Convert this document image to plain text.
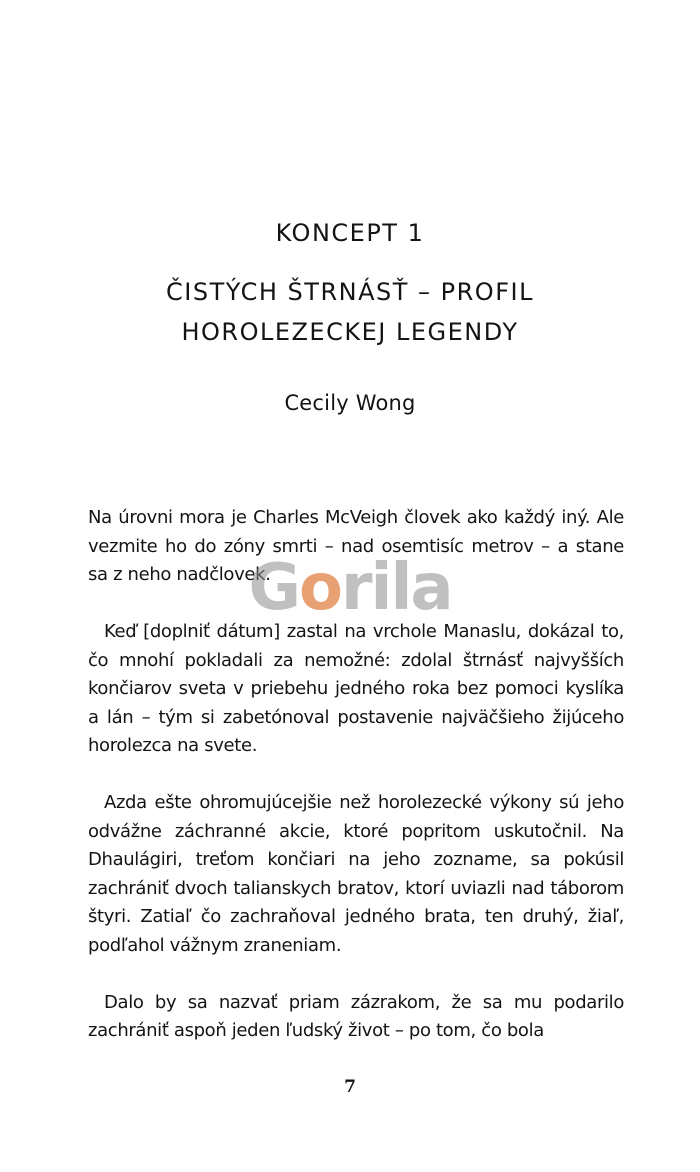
KONCEPT 1
ČISTÝCH ŠTRNÁSŤ – PROFIL
HOROLEZECKEJ LEGENDY
Cecily Wong

Na úrovni mora je Charles McVeigh človek ako každý iný. Ale vezmite ho do zóny smrti – nad osemtisíc metrov – a stane sa z neho nadčlovek.

Keď [doplniť dátum] zastal na vrchole Manaslu, dokázal to, čo mnohí pokladali za nemožné: zdolal štrnásť najvyšších končiarov sveta v priebehu jedného roka bez pomoci kyslíka a lán – tým si zabetónoval postavenie najväčšieho žijúceho horolezca na svete.

Azda ešte ohromujúcejšie než horolezecké výkony sú jeho odvážne záchranné akcie, ktoré popritom uskutočnil. Na Dhaulágiri, treťom končiari na jeho zozname, sa pokúsil zachrániť dvoch talianskych bratov, ktorí uviazli nad táborom štyri. Zatiaľ čo zachraňoval jedného brata, ten druhý, žiaľ, podľahol vážnym zraneniam.

Dalo by sa nazvať priam zázrakom, že sa mu podarilo zachrániť aspoň jeden ľudský život – po tom, čo bola

Gorila
7
